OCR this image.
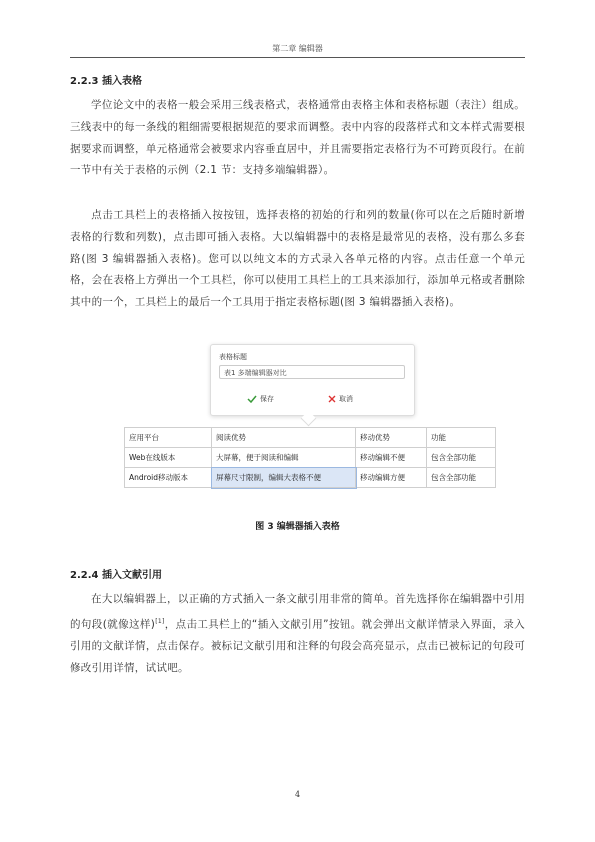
第二章 编辑器
2.2.3 插入表格
学位论文中的表格一般会采用三线表格式，表格通常由表格主体和表格标题（表注）组成。三线表中的每一条线的粗细需要根据规范的要求而调整。表中内容的段落样式和文本样式需要根据要求而调整，单元格通常会被要求内容垂直居中，并且需要指定表格行为不可跨页段行。在前一节中有关于表格的示例（2.1 节：支持多端编辑器）。
点击工具栏上的表格插入按按钮，选择表格的初始的行和列的数量(你可以在之后随时新增表格的行数和列数)，点击即可插入表格。大以编辑器中的表格是最常见的表格，没有那么多套路(图 3 编辑器插入表格)。您可以以纯文本的方式录入各单元格的内容。点击任意一个单元格，会在表格上方弹出一个工具栏，你可以使用工具栏上的工具来添加行，添加单元格或者删除其中的一个，工具栏上的最后一个工具用于指定表格标题(图 3 编辑器插入表格)。
表格标题
表1 多端编辑器对比
保存	取消
应用平台	阅读优势	移动优势	功能
Web在线版本	大屏幕，便于阅读和编辑	移动编辑不便	包含全部功能
Android移动版本	屏幕尺寸限制，编辑大表格不便	移动编辑方便	包含全部功能
图 3 编辑器插入表格
2.2.4 插入文献引用
在大以编辑器上，以正确的方式插入一条文献引用非常的简单。首先选择你在编辑器中引用的句段(就像这样)[1]，点击工具栏上的“插入文献引用”按钮。就会弹出文献详情录入界面，录入引用的文献详情，点击保存。被标记文献引用和注释的句段会高亮显示，点击已被标记的句段可修改引用详情，试试吧。
4
